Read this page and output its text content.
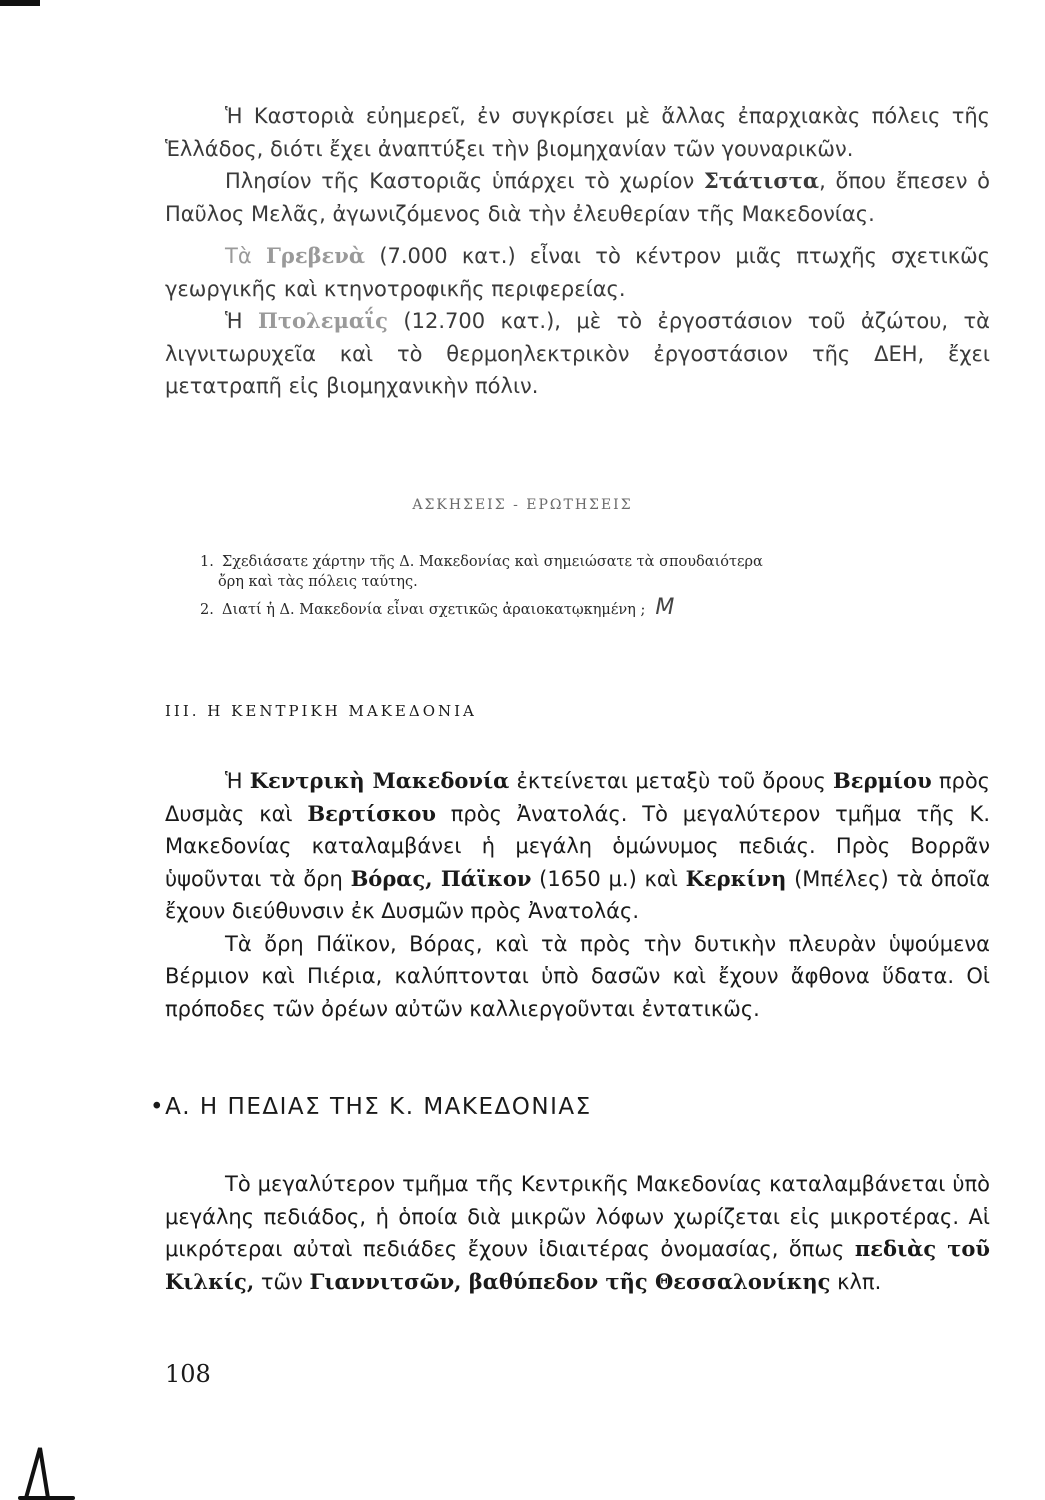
Ἡ Καστοριὰ εὐημερεῖ, ἐν συγκρίσει μὲ ἄλλας ἐπαρχιακὰς πόλεις τῆς Ἑλλάδος, διότι ἔχει ἀναπτύξει τὴν βιομηχανίαν τῶν γουναρικῶν.

Πλησίον τῆς Καστοριᾶς ὑπάρχει τὸ χωρίον Στάτιστα, ὅπου ἔπεσεν ὁ Παῦλος Μελᾶς, ἀγωνιζόμενος διὰ τὴν ἐλευθερίαν τῆς Μακεδονίας.

Τὰ Γρεβενὰ (7.000 κατ.) εἶναι τὸ κέντρον μιᾶς πτωχῆς σχετικῶς γεωργικῆς καὶ κτηνοτροφικῆς περιφερείας.

Ἡ Πτολεμαΐς (12.700 κατ.), μὲ τὸ ἐργοστάσιον τοῦ ἀζώτου, τὰ λιγνιτωρυχεῖα καὶ τὸ θερμοηλεκτρικὸν ἐργοστάσιον τῆς ΔΕΗ, ἔχει μετατραπῆ εἰς βιομηχανικὴν πόλιν.

ΑΣΚΗΣΕΙΣ - ΕΡΩΤΗΣΕΙΣ

1. Σχεδιάσατε χάρτην τῆς Δ. Μακεδονίας καὶ σημειώσατε τὰ σπουδαιότερα

ὄρη καὶ τὰς πόλεις ταύτης.

2. Διατί ἡ Δ. Μακεδονία εἶναι σχετικῶς ἀραιοκατῳκημένη ; M

ΙΙΙ. Η ΚΕΝΤΡΙΚΗ ΜΑΚΕΔΟΝΙΑ

Ἡ Κεντρικὴ Μακεδονία ἐκτείνεται μεταξὺ τοῦ ὄρους Βερμίου πρὸς Δυσμὰς καὶ Βερτίσκου πρὸς Ἀνατολάς. Τὸ μεγαλύτερον τμῆμα τῆς Κ. Μακεδονίας καταλαμβάνει ἡ μεγάλη ὁμώνυμος πεδιάς. Πρὸς Βορρᾶν ὑψοῦνται τὰ ὄρη Βόρας, Πάϊκον (1650 μ.) καὶ Κερκίνη (Μπέλες) τὰ ὁποῖα ἔχουν διεύθυνσιν ἐκ Δυσμῶν πρὸς Ἀνατολάς.

Τὰ ὄρη Πάϊκον, Βόρας, καὶ τὰ πρὸς τὴν δυτικὴν πλευρὰν ὑψούμενα Βέρμιον καὶ Πιέρια, καλύπτονται ὑπὸ δασῶν καὶ ἔχουν ἄφθονα ὕδατα. Οἱ πρόποδες τῶν ὀρέων αὐτῶν καλλιεργοῦνται ἐντατικῶς.

•Α. Η ΠΕΔΙΑΣ ΤΗΣ Κ. ΜΑΚΕΔΟΝΙΑΣ

Τὸ μεγαλύτερον τμῆμα τῆς Κεντρικῆς Μακεδονίας καταλαμβάνεται ὑπὸ μεγάλης πεδιάδος, ἡ ὁποία διὰ μικρῶν λόφων χωρίζεται εἰς μικροτέρας. Αἱ μικρότεραι αὐταὶ πεδιάδες ἔχουν ἰδιαιτέρας ὀνομασίας, ὅπως πεδιὰς τοῦ Κιλκίς, τῶν Γιαννιτσῶν, βαθύπεδον τῆς Θεσσαλονίκης κλπ.

108
